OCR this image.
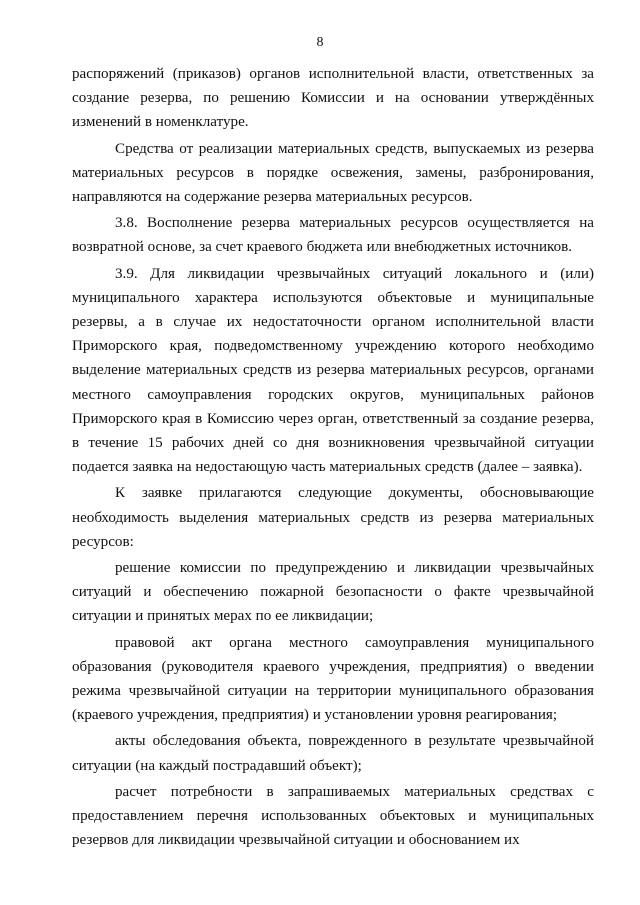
8

распоряжений (приказов) органов исполнительной власти, ответственных за создание резерва, по решению Комиссии и на основании утверждённых изменений в номенклатуре.

Средства от реализации материальных средств, выпускаемых из резерва материальных ресурсов в порядке освежения, замены, разбронирования, направляются на содержание резерва материальных ресурсов.

3.8. Восполнение резерва материальных ресурсов осуществляется на возвратной основе, за счет краевого бюджета или внебюджетных источников.

3.9. Для ликвидации чрезвычайных ситуаций локального и (или) муниципального характера используются объектовые и муниципальные резервы, а в случае их недостаточности органом исполнительной власти Приморского края, подведомственному учреждению которого необходимо выделение материальных средств из резерва материальных ресурсов, органами местного самоуправления городских округов, муниципальных районов Приморского края в Комиссию через орган, ответственный за создание резерва, в течение 15 рабочих дней со дня возникновения чрезвычайной ситуации подается заявка на недостающую часть материальных средств (далее – заявка).

К заявке прилагаются следующие документы, обосновывающие необходимость выделения материальных средств из резерва материальных ресурсов:

решение комиссии по предупреждению и ликвидации чрезвычайных ситуаций и обеспечению пожарной безопасности о факте чрезвычайной ситуации и принятых мерах по ее ликвидации;

правовой акт органа местного самоуправления муниципального образования (руководителя краевого учреждения, предприятия) о введении режима чрезвычайной ситуации на территории муниципального образования (краевого учреждения, предприятия) и установлении уровня реагирования;

акты обследования объекта, поврежденного в результате чрезвычайной ситуации (на каждый пострадавший объект);

расчет потребности в запрашиваемых материальных средствах с предоставлением перечня использованных объектовых и муниципальных резервов для ликвидации чрезвычайной ситуации и обоснованием их
